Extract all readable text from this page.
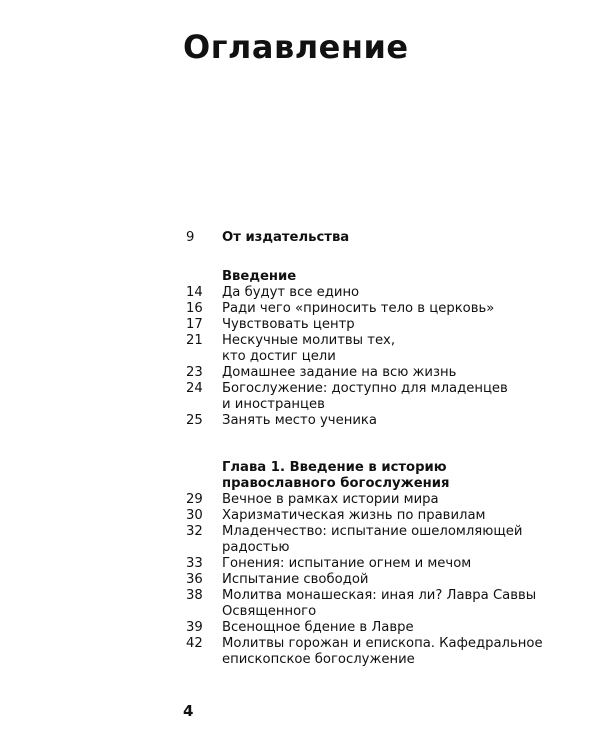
Оглавление
9	От издательства
Введение
14	Да будут все едино
16	Ради чего «приносить тело в церковь»
17	Чувствовать центр
21	Нескучные молитвы тех,
кто достиг цели
23	Домашнее задание на всю жизнь
24	Богослужение: доступно для младенцев
и иностранцев
25	Занять место ученика
Глава 1. Введение в историю
православного богослужения
29	Вечное в рамках истории мира
30	Харизматическая жизнь по правилам
32	Младенчество: испытание ошеломляющей
радостью
33	Гонения: испытание огнем и мечом
36	Испытание свободой
38	Молитва монашеская: иная ли? Лавра Саввы
Освященного
39	Всенощное бдение в Лавре
42	Молитвы горожан и епископа. Кафедральное
епископское богослужение
4
